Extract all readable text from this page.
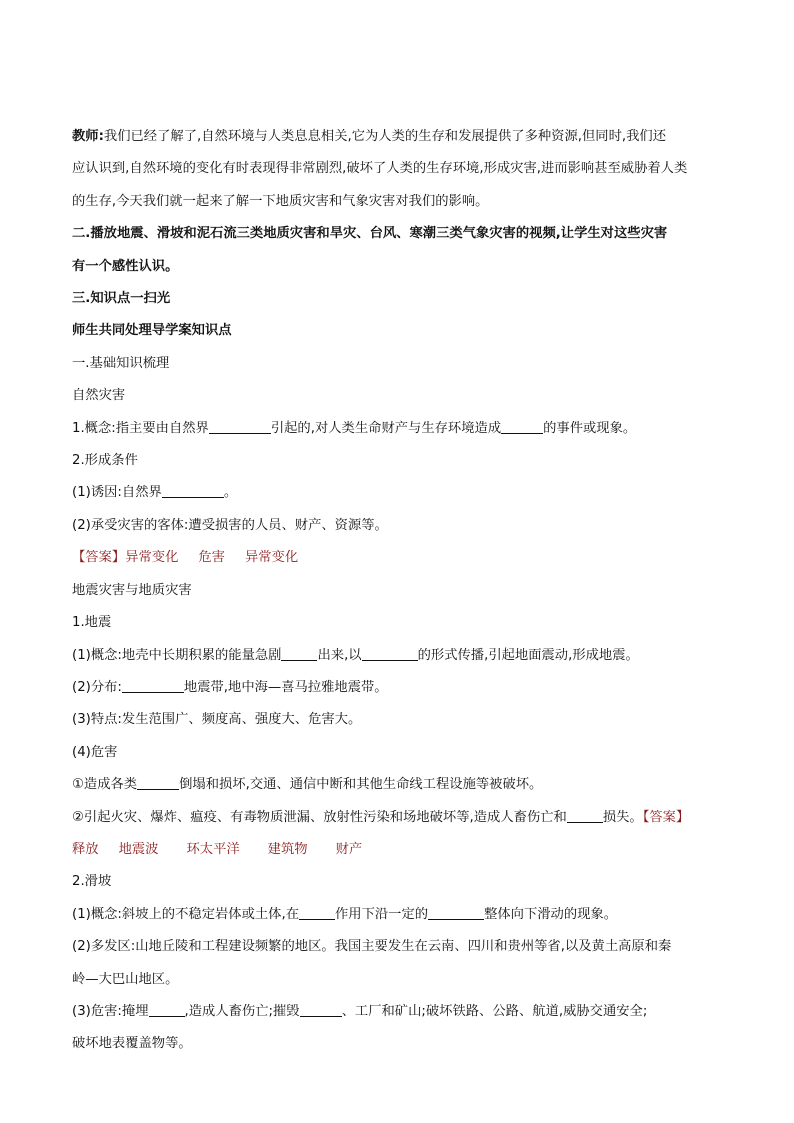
教师:我们已经了解了,自然环境与人类息息相关,它为人类的生存和发展提供了多种资源,但同时,我们还

应认识到,自然环境的变化有时表现得非常剧烈,破坏了人类的生存环境,形成灾害,进而影响甚至威胁着人类

的生存,今天我们就一起来了解一下地质灾害和气象灾害对我们的影响。

二.播放地震、滑坡和泥石流三类地质灾害和旱灾、台风、寒潮三类气象灾害的视频,让学生对这些灾害

有一个感性认识。

三.知识点一扫光

师生共同处理导学案知识点

一.基础知识梳理

自然灾害

1.概念:指主要由自然界	引起的,对人类生命财产与生存环境造成	的事件或现象。

2.形成条件

(1)诱因:自然界	。

(2)承受灾害的客体:遭受损害的人员、财产、资源等。

【答案】异常变化 危害 异常变化

地震灾害与地质灾害

1.地震

(1)概念:地壳中长期积累的能量急剧	出来,以	的形式传播,引起地面震动,形成地震。

(2)分布:	地震带,地中海—喜马拉雅地震带。

(3)特点:发生范围广、频度高、强度大、危害大。

(4)危害

①造成各类	倒塌和损坏,交通、通信中断和其他生命线工程设施等被破坏。

②引起火灾、爆炸、瘟疫、有毒物质泄漏、放射性污染和场地破坏等,造成人畜伤亡和	损失。【答案】

释放 地震波 环太平洋 建筑物 财产

2.滑坡

(1)概念:斜坡上的不稳定岩体或土体,在	作用下沿一定的	整体向下滑动的现象。

(2)多发区:山地丘陵和工程建设频繁的地区。我国主要发生在云南、四川和贵州等省,以及黄土高原和秦

岭—大巴山地区。

(3)危害:掩埋	,造成人畜伤亡;摧毁	、工厂和矿山;破坏铁路、公路、航道,威胁交通安全;

破坏地表覆盖物等。
